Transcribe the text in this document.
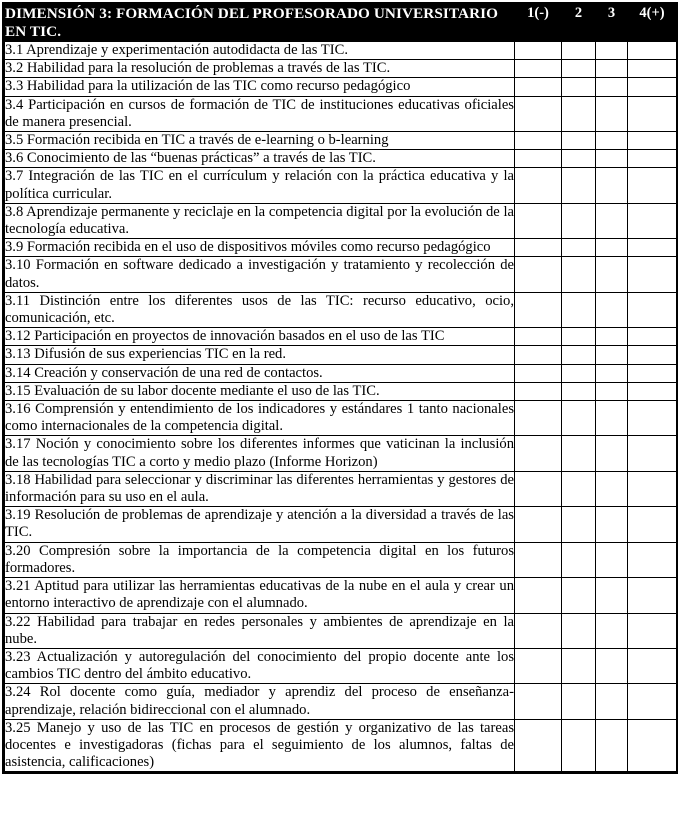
DIMENSIÓN 3: FORMACIÓN DEL PROFESORADO UNIVERSITARIO EN TIC.	1(-)	2	3	4(+)
3.1 Aprendizaje y experimentación autodidacta de las TIC.				
3.2 Habilidad para la resolución de problemas a través de las TIC.				
3.3 Habilidad para la utilización de las TIC como recurso pedagógico				
3.4 Participación en cursos de formación de TIC de instituciones educativas oficiales de manera presencial.				
3.5 Formación recibida en TIC a través de e-learning o b-learning				
3.6 Conocimiento de las “buenas prácticas” a través de las TIC.				
3.7 Integración de las TIC en el currículum y relación con la práctica educativa y la política curricular.				
3.8 Aprendizaje permanente y reciclaje en la competencia digital por la evolución de la tecnología educativa.				
3.9 Formación recibida en el uso de dispositivos móviles como recurso pedagógico				
3.10 Formación en software dedicado a investigación y tratamiento y recolección de datos.				
3.11 Distinción entre los diferentes usos de las TIC: recurso educativo, ocio, comunicación, etc.				
3.12 Participación en proyectos de innovación basados en el uso de las TIC				
3.13 Difusión de sus experiencias TIC en la red.				
3.14 Creación y conservación de una red de contactos.				
3.15 Evaluación de su labor docente mediante el uso de las TIC.				
3.16 Comprensión y entendimiento de los indicadores y estándares 1 tanto nacionales como internacionales de la competencia digital.				
3.17 Noción y conocimiento sobre los diferentes informes que vaticinan la inclusión de las tecnologías TIC a corto y medio plazo (Informe Horizon)				
3.18 Habilidad para seleccionar y discriminar las diferentes herramientas y gestores de información para su uso en el aula.				
3.19 Resolución de problemas de aprendizaje y atención a la diversidad a través de las TIC.				
3.20 Compresión sobre la importancia de la competencia digital en los futuros formadores.				
3.21 Aptitud para utilizar las herramientas educativas de la nube en el aula y crear un entorno interactivo de aprendizaje con el alumnado.				
3.22 Habilidad para trabajar en redes personales y ambientes de aprendizaje en la nube.				
3.23 Actualización y autoregulación del conocimiento del propio docente ante los cambios TIC dentro del ámbito educativo.				
3.24 Rol docente como guía, mediador y aprendiz del proceso de enseñanza-aprendizaje, relación bidireccional con el alumnado.				
3.25 Manejo y uso de las TIC en procesos de gestión y organizativo de las tareas docentes e investigadoras (fichas para el seguimiento de los alumnos, faltas de asistencia, calificaciones)				
